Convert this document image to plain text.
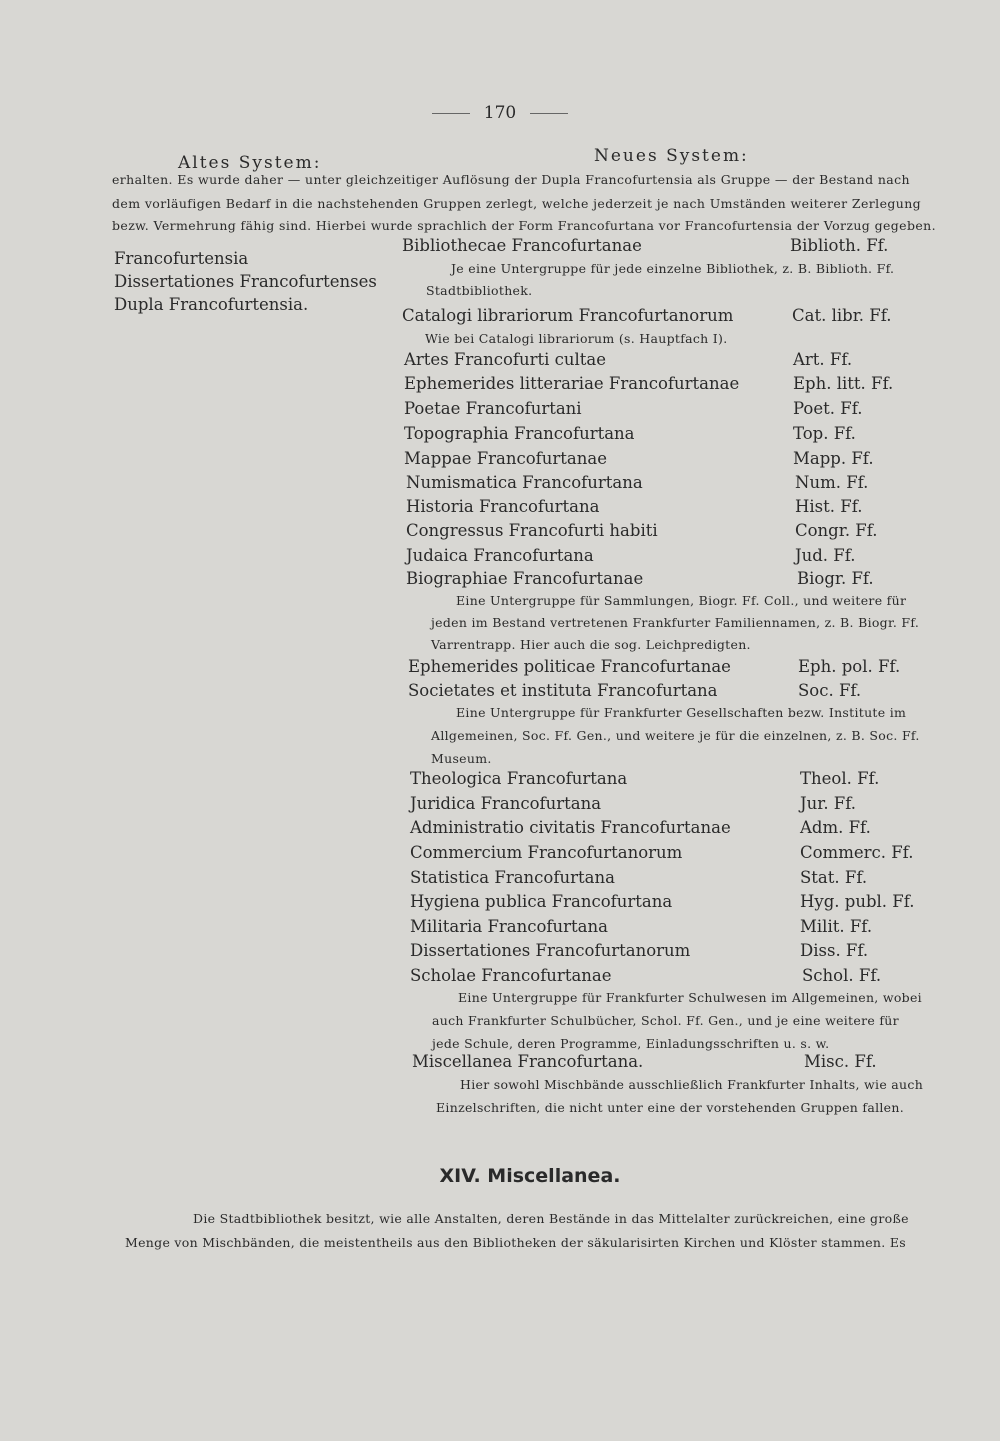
170
Altes System:	Neues System:
erhalten. Es wurde daher — unter gleichzeitiger Auflösung der Dupla Francofurtensia als Gruppe — der Bestand nach
dem vorläufigen Bedarf in die nachstehenden Gruppen zerlegt, welche jederzeit je nach Umständen weiterer Zerlegung
bezw. Vermehrung fähig sind. Hierbei wurde sprachlich der Form Francofurtana vor Francofurtensia der Vorzug gegeben.
Francofurtensia
Dissertationes Francofurtenses
Dupla Francofurtensia.
Bibliothecae Francofurtanae	Biblioth. Ff.
Je eine Untergruppe für jede einzelne Bibliothek, z. B. Biblioth. Ff.
Stadtbibliothek.
Catalogi librariorum Francofurtanorum	Cat. libr. Ff.
Wie bei Catalogi librariorum (s. Hauptfach I).
Artes Francofurti cultae	Art. Ff.
Ephemerides litterariae Francofurtanae	Eph. litt. Ff.
Poetae Francofurtani	Poet. Ff.
Topographia Francofurtana	Top. Ff.
Mappae Francofurtanae	Mapp. Ff.
Numismatica Francofurtana	Num. Ff.
Historia Francofurtana	Hist. Ff.
Congressus Francofurti habiti	Congr. Ff.
Judaica Francofurtana	Jud. Ff.
Biographiae Francofurtanae	Biogr. Ff.
Eine Untergruppe für Sammlungen, Biogr. Ff. Coll., und weitere für
jeden im Bestand vertretenen Frankfurter Familiennamen, z. B. Biogr. Ff.
Varrentrapp. Hier auch die sog. Leichpredigten.
Ephemerides politicae Francofurtanae	Eph. pol. Ff.
Societates et instituta Francofurtana	Soc. Ff.
Eine Untergruppe für Frankfurter Gesellschaften bezw. Institute im
Allgemeinen, Soc. Ff. Gen., und weitere je für die einzelnen, z. B. Soc. Ff.
Museum.
Theologica Francofurtana	Theol. Ff.
Juridica Francofurtana	Jur. Ff.
Administratio civitatis Francofurtanae	Adm. Ff.
Commercium Francofurtanorum	Commerc. Ff.
Statistica Francofurtana	Stat. Ff.
Hygiena publica Francofurtana	Hyg. publ. Ff.
Militaria Francofurtana	Milit. Ff.
Dissertationes Francofurtanorum	Diss. Ff.
Scholae Francofurtanae	Schol. Ff.
Eine Untergruppe für Frankfurter Schulwesen im Allgemeinen, wobei
auch Frankfurter Schulbücher, Schol. Ff. Gen., und je eine weitere für
jede Schule, deren Programme, Einladungsschriften u. s. w.
Miscellanea Francofurtana.	Misc. Ff.
Hier sowohl Mischbände ausschließlich Frankfurter Inhalts, wie auch
Einzelschriften, die nicht unter eine der vorstehenden Gruppen fallen.
XIV. Miscellanea.
Die Stadtbibliothek besitzt, wie alle Anstalten, deren Bestände in das Mittelalter zurückreichen, eine große
Menge von Mischbänden, die meistentheils aus den Bibliotheken der säkularisirten Kirchen und Klöster stammen. Es
